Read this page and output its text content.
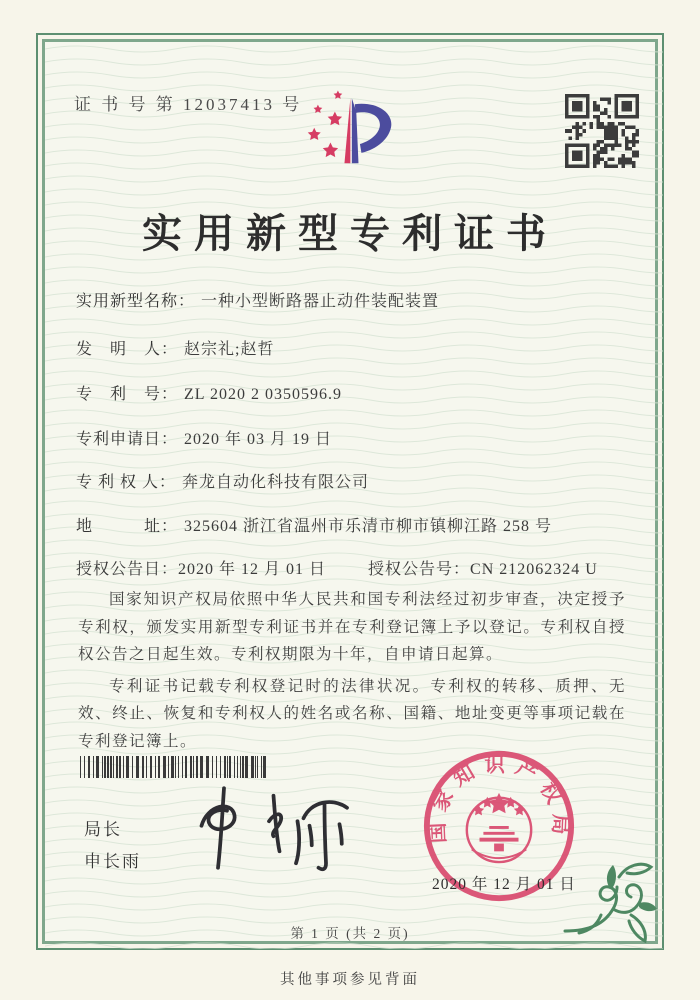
证 书 号 第 12037413 号
实用新型专利证书
实用新型名称： 一种小型断路器止动件装配装置
发　明　人： 赵宗礼;赵哲
专　利　号： ZL 2020 2 0350596.9
专利申请日： 2020 年 03 月 19 日
专 利 权 人： 奔龙自动化科技有限公司
地　　　址： 325604 浙江省温州市乐清市柳市镇柳江路 258 号
授权公告日：2020 年 12 月 01 日	授权公告号：CN 212062324 U

国家知识产权局依照中华人民共和国专利法经过初步审查，决定授予专利权，颁发实用新型专利证书并在专利登记簿上予以登记。专利权自授权公告之日起生效。专利权期限为十年，自申请日起算。

专利证书记载专利权登记时的法律状况。专利权的转移、质押、无效、终止、恢复和专利权人的姓名或名称、国籍、地址变更等事项记载在专利登记簿上。

局长
申长雨
国家知识产权局
2020 年 12 月 01 日
第 1 页 (共 2 页)
其他事项参见背面
